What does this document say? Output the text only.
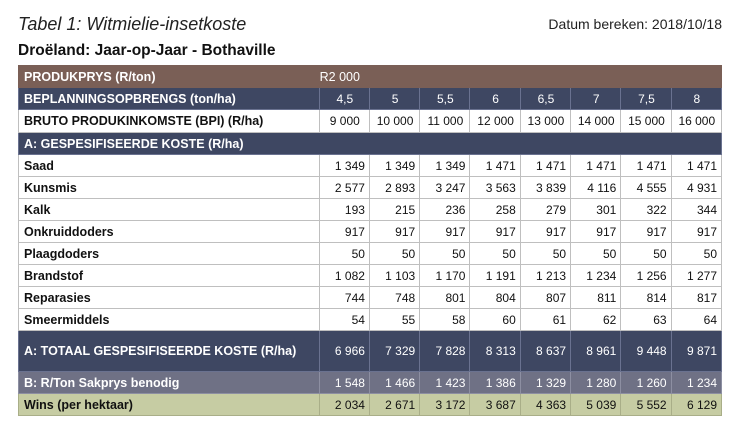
Tabel 1: Witmielie-insetkoste	Datum bereken: 2018/10/18
Droëland: Jaar-op-Jaar - Bothaville
PRODUKPRYS (R/ton)	R2 000							
BEPLANNINGSOPBRENGS (ton/ha)	4,5	5	5,5	6	6,5	7	7,5	8
BRUTO PRODUKINKOMSTE (BPI) (R/ha)	9 000	10 000	11 000	12 000	13 000	14 000	15 000	16 000
A: GESPESIFISEERDE KOSTE (R/ha)								
Saad	1 349	1 349	1 349	1 471	1 471	1 471	1 471	1 471
Kunsmis	2 577	2 893	3 247	3 563	3 839	4 116	4 555	4 931
Kalk	193	215	236	258	279	301	322	344
Onkruiddoders	917	917	917	917	917	917	917	917
Plaagdoders	50	50	50	50	50	50	50	50
Brandstof	1 082	1 103	1 170	1 191	1 213	1 234	1 256	1 277
Reparasies	744	748	801	804	807	811	814	817
Smeermiddels	54	55	58	60	61	62	63	64
A: TOTAAL GESPESIFISEERDE KOSTE (R/ha)	6 966	7 329	7 828	8 313	8 637	8 961	9 448	9 871
B: R/Ton Sakprys benodig	1 548	1 466	1 423	1 386	1 329	1 280	1 260	1 234
Wins (per hektaar)	2 034	2 671	3 172	3 687	4 363	5 039	5 552	6 129
